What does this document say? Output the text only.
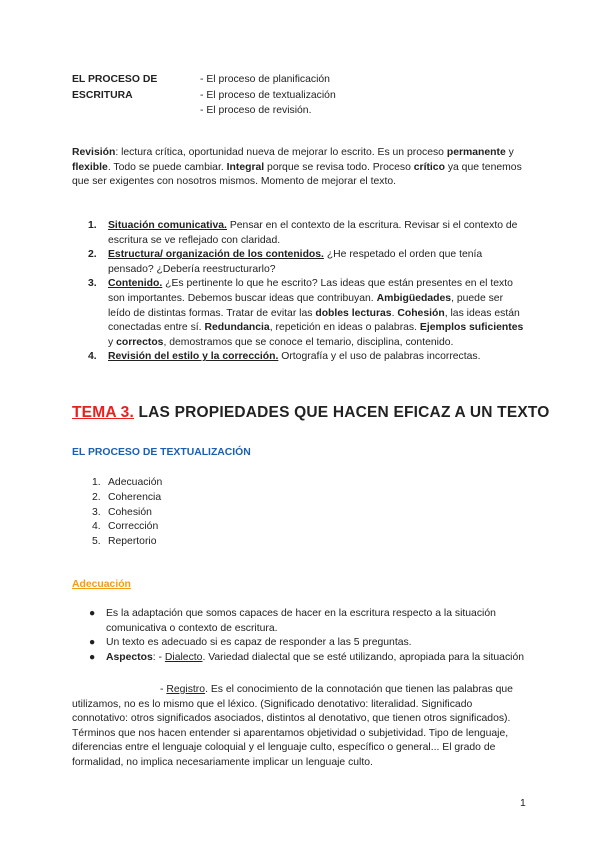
EL PROCESO DE
ESCRITURA
- El proceso de planificación
- El proceso de textualización
- El proceso de revisión.
Revisión: lectura crítica, oportunidad nueva de mejorar lo escrito. Es un proceso permanente y flexible. Todo se puede cambiar. Integral porque se revisa todo. Proceso crítico ya que tenemos que ser exigentes con nosotros mismos. Momento de mejorar el texto.
1. Situación comunicativa. Pensar en el contexto de la escritura. Revisar si el contexto de escritura se ve reflejado con claridad.
2. Estructura/ organización de los contenidos. ¿He respetado el orden que tenía pensado? ¿Debería reestructurarlo?
3. Contenido. ¿Es pertinente lo que he escrito? Las ideas que están presentes en el texto son importantes. Debemos buscar ideas que contribuyan. Ambigüedades, puede ser leído de distintas formas. Tratar de evitar las dobles lecturas. Cohesión, las ideas están conectadas entre sí. Redundancia, repetición en ideas o palabras. Ejemplos suficientes y correctos, demostramos que se conoce el temario, disciplina, contenido.
4. Revisión del estilo y la corrección. Ortografía y el uso de palabras incorrectas.
TEMA 3. LAS PROPIEDADES QUE HACEN EFICAZ A UN TEXTO
EL PROCESO DE TEXTUALIZACIÓN
1. Adecuación
2. Coherencia
3. Cohesión
4. Corrección
5. Repertorio
Adecuación
● Es la adaptación que somos capaces de hacer en la escritura respecto a la situación comunicativa o contexto de escritura.
● Un texto es adecuado si es capaz de responder a las 5 preguntas.
● Aspectos: - Dialecto. Variedad dialectal que se esté utilizando, apropiada para la situación
- Registro. Es el conocimiento de la connotación que tienen las palabras que utilizamos, no es lo mismo que el léxico. (Significado denotativo: literalidad. Significado connotativo: otros significados asociados, distintos al denotativo, que tienen otros significados). Términos que nos hacen entender si aparentamos objetividad o subjetividad. Tipo de lenguaje, diferencias entre el lenguaje coloquial y el lenguaje culto, específico o general... El grado de formalidad, no implica necesariamente implicar un lenguaje culto.
1
